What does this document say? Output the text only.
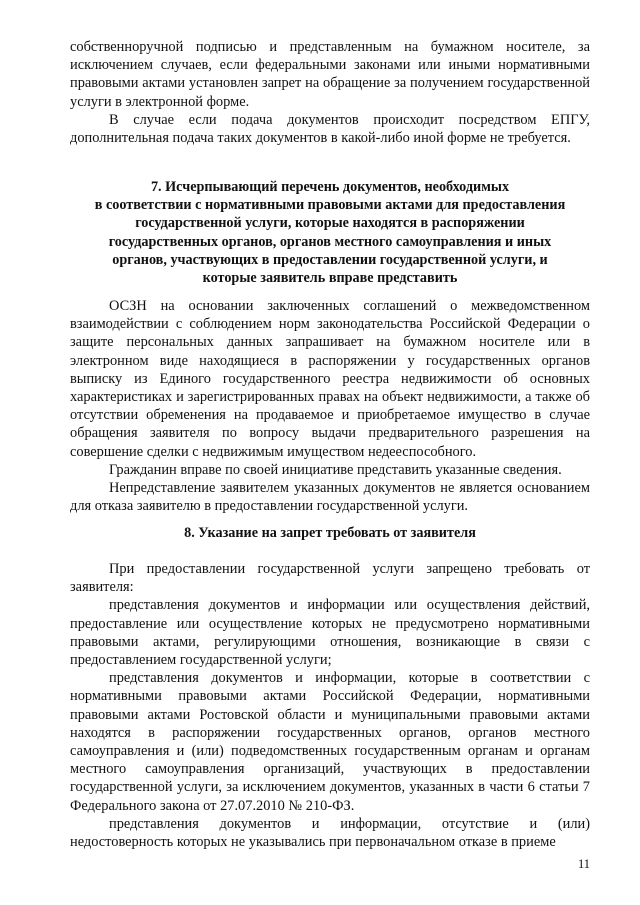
собственноручной подписью и представленным на бумажном носителе, за исключением случаев, если федеральными законами или иными нормативными правовыми актами установлен запрет на обращение за получением государственной услуги в электронной форме.

В случае если подача документов происходит посредством ЕПГУ, дополнительная подача таких документов в какой-либо иной форме не требуется.

7. Исчерпывающий перечень документов, необходимых
в соответствии с нормативными правовыми актами для предоставления
государственной услуги, которые находятся в распоряжении
государственных органов, органов местного самоуправления и иных
органов, участвующих в предоставлении государственной услуги, и
которые заявитель вправе представить

ОСЗН на основании заключенных соглашений о межведомственном взаимодействии с соблюдением норм законодательства Российской Федерации о защите персональных данных запрашивает на бумажном носителе или в электронном виде находящиеся в распоряжении у государственных органов выписку из Единого государственного реестра недвижимости об основных характеристиках и зарегистрированных правах на объект недвижимости, а также об отсутствии обременения на продаваемое и приобретаемое имущество в случае обращения заявителя по вопросу выдачи предварительного разрешения на совершение сделки с недвижимым имуществом недееспособного.

Гражданин вправе по своей инициативе представить указанные сведения.

Непредставление заявителем указанных документов не является основанием для отказа заявителю в предоставлении государственной услуги.

8. Указание на запрет требовать от заявителя

При предоставлении государственной услуги запрещено требовать от заявителя:

представления документов и информации или осуществления действий, предоставление или осуществление которых не предусмотрено нормативными правовыми актами, регулирующими отношения, возникающие в связи с предоставлением государственной услуги;

представления документов и информации, которые в соответствии с нормативными правовыми актами Российской Федерации, нормативными правовыми актами Ростовской области и муниципальными правовыми актами находятся в распоряжении государственных органов, органов местного самоуправления и (или) подведомственных государственным органам и органам местного самоуправления организаций, участвующих в предоставлении государственной услуги, за исключением документов, указанных в части 6 статьи 7 Федерального закона от 27.07.2010 № 210-ФЗ.

представления документов и информации, отсутствие и (или) недостоверность которых не указывались при первоначальном отказе в приеме

11
